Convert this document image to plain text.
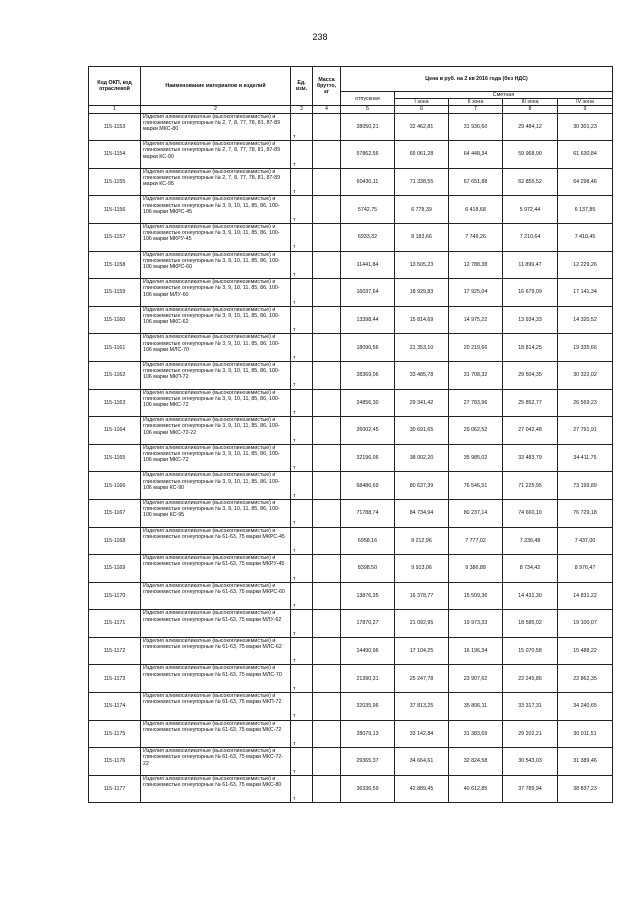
238
Код ОКП, код отраслевой	Наименование материалов и изделий	Ед. изм.	Масса брутто, кг	Цена в руб. на 2 кв 2016 года (без НДС)				
				отпускная	Сметная			
					I зона	II зона	III зона	IV зона
1	2	3	4	5	6	7	8	9
115-1153	Изделия алюмосиликатные (высокоглиноземистые) и глиноземистые огнеупорные № 2, 7, 8, 77, 78, 81, 87-89 марки МКС-80	т		28050,21	32 462,81	31 936,60	29 484,12	30 301,23
115-1154	Изделия алюмосиликатные (высокоглиноземистые) и глиноземистые огнеупорные № 2, 7, 8, 77, 78, 81, 87-89 марки КС-90	т		57862,56	65 061,28	64 448,34	59 968,90	61 630,84
115-1155	Изделия алюмосиликатные (высокоглиноземистые) и глиноземистые огнеупорные № 2, 7, 8, 77, 78, 81, 87-89 марки КС-95	т		60430,11	71 338,55	67 651,88	62 855,52	64 298,46
115-1156	Изделия алюмосиликатные (высокоглиноземистые) и глиноземистые огнеупорные № 3, 9, 10, 11, 85, 86, 100-106 марки МКРС-45	т		5742,75	6 778,39	6 418,68	5 972,44	6 137,85
115-1157	Изделия алюмосиликатные (высокоглиноземистые) и глиноземистые огнеупорные № 3, 9, 10, 11, 85, 86, 100-106 марки МКРУ-45	т		6933,32	8 183,66	7 749,26	7 210,64	7 410,45
115-1158	Изделия алюмосиликатные (высокоглиноземистые) и глиноземистые огнеупорные № 3, 9, 10, 11, 85, 86, 100-106 марки МКРС-60	т		11441,84	13 505,23	12 788,38	11 899,47	12 229,26
115-1159	Изделия алюмосиликатные (высокоглиноземистые) и глиноземистые огнеупорные № 3, 9, 10, 11, 85, 86, 100-106 марки МЛУ-60	т		16037,64	18 929,83	17 925,04	16 679,09	17 141,34
115-1160	Изделия алюмосиликатные (высокоглиноземистые) и глиноземистые огнеупорные № 3, 9, 10, 11, 85, 86, 100-106 марки МКС-62	т		13398,44	15 814,69	14 975,22	13 934,33	14 320,52
115-1161	Изделия алюмосиликатные (высокоглиноземистые) и глиноземистые огнеупорные № 3, 9, 10, 11, 85, 86, 100-106 марки МЛС-70	т		18090,56	21 353,10	20 219,66	18 814,25	19 335,66
115-1162	Изделия алюмосиликатные (высокоглиноземистые) и глиноземистые огнеупорные № 3, 9, 10, 11, 85, 86, 100-106 марки МКП-72	т		28369,06	33 485,78	31 708,32	29 504,35	30 322,02
115-1163	Изделия алюмосиликатные (высокоглиноземистые) и глиноземистые огнеупорные № 3, 9, 10, 11, 85, 86, 100-106 марки МКС-72	т		24856,30	29 341,42	27 783,96	25 852,77	26 569,23
115-1164	Изделия алюмосиликатные (высокоглиноземистые) и глиноземистые огнеупорные № 3, 9, 10, 11, 85, 86, 100-106 марки МКС-72-22	т		26002,45	30 691,65	29 062,52	27 042,48	27 791,91
115-1165	Изделия алюмосиликатные (высокоглиноземистые) и глиноземистые огнеупорные № 3, 9, 10, 11, 85, 86, 100-106 марки МКС-72	т		32196,06	38 002,20	35 985,02	33 483,79	34 411,75
115-1166	Изделия алюмосиликатные (высокоглиноземистые) и глиноземистые огнеупорные № 3, 9, 10, 11, 85, 86, 100-106 марки КС-90	т		68486,69	80 637,39	76 546,51	71 225,95	73 199,89
115-1167	Изделия алюмосиликатные (высокоглиноземистые) и глиноземистые огнеупорные № 3, 9, 10, 11, 85, 86, 100-106 марки КС-95	т		71788,74	84 734,94	80 237,14	74 660,10	76 729,18
115-1168	Изделия алюмосиликатные (высокоглиноземистые) и глиноземистые огнеупорные № 61-63, 75 марки МКРС-45	т		6958,16	8 212,96	7 777,02	7 236,48	7 437,00
115-1169	Изделия алюмосиликатные (высокоглиноземистые) и глиноземистые огнеупорные № 61-63, 75 марки МКРУ-45	т		8398,50	9 913,06	9 386,88	8 734,42	8 976,47
115-1170	Изделия алюмосиликатные (высокоглиноземистые) и глиноземистые огнеупорные № 61-63, 75 марки МКРС-60	т		13876,35	16 378,77	15 509,36	14 431,30	14 831,22
115-1171	Изделия алюмосиликатные (высокоглиноземистые) и глиноземистые огнеупорные № 61-63, 75 марки МЛУ-62	т		17870,27	21 092,95	19 973,33	18 585,02	19 100,07
115-1172	Изделия алюмосиликатные (высокоглиноземистые) и глиноземистые огнеупорные № 61-63, 75 марки МЛС-62	т		14490,96	17 104,25	16 196,34	15 070,58	15 488,22
115-1173	Изделия алюмосиликатные (высокоглиноземистые) и глиноземистые огнеупорные № 61-63, 75 марки МЛС-70	т		21390,31	25 247,78	23 907,62	22 245,86	22 862,35
115-1174	Изделия алюмосиликатные (высокоглиноземистые) и глиноземистые огнеупорные № 61-63, 75 марки МКП-72	т		32035,96	37 813,25	35 806,11	33 317,31	34 240,65
115-1175	Изделия алюмосиликатные (высокоглиноземистые) и глиноземистые огнеупорные № 61-63, 75 марки МКС-72	т		28079,13	33 142,84	31 383,69	29 202,21	30 011,51
115-1176	Изделия алюмосиликатные (высокоглиноземистые) и глиноземистые огнеупорные № 61-63, 75 марки МКС-72-22	т		29365,37	34 664,61	32 824,58	30 543,03	31 389,46
115-1177	Изделия алюмосиликатные (высокоглиноземистые) и глиноземистые огнеупорные № 61-63, 75 марки МКС-80	т		36336,59	42 889,45	40 612,85	37 789,94	38 837,23
